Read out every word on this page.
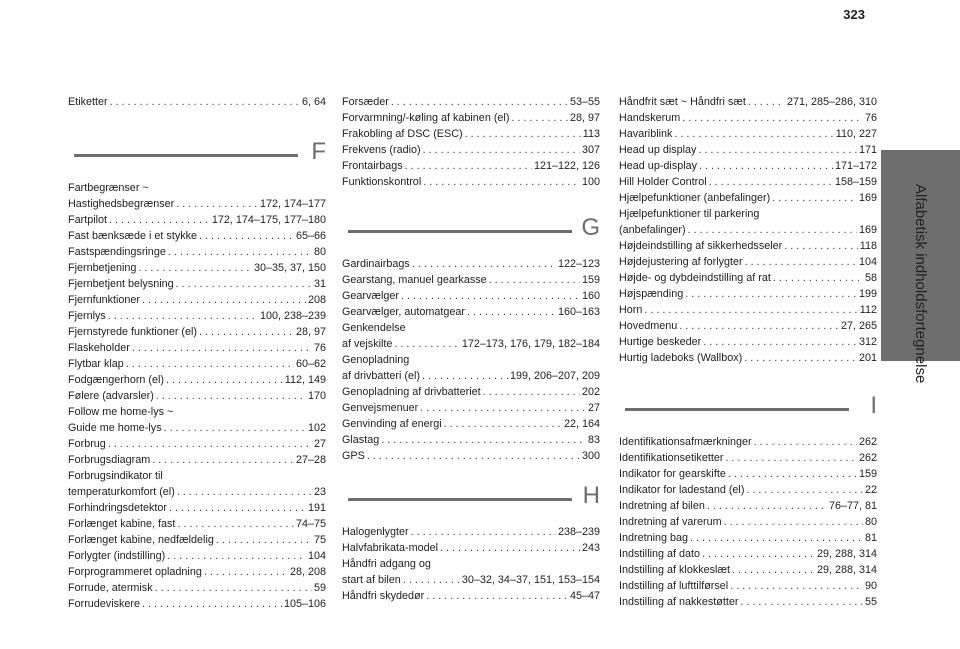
323
Alfabetisk indholdsfortegnelse
Etiketter . . .	6, 64
F
Fartbegrænser ~
Hastighedsbegrænser . . .	172, 174–177
Fartpilot . . .	172, 174–175, 177–180
Fast bænksæde i et stykke . . .	65–66
Fastspændingsringe . . .	80
Fjernbetjening . . .	30–35, 37, 150
Fjernbetjent belysning . . .	31
Fjernfunktioner . . .	208
Fjernlys . . .	100, 238–239
Fjernstyrede funktioner (el) . . .	28, 97
Flaskeholder . . .	76
Flytbar klap . . .	60–62
Fodgængerhorn (el) . . .	112, 149
Følere (advarsler) . . .	170
Follow me home-lys ~
Guide me home-lys . . .	102
Forbrug . . .	27
Forbrugsdiagram . . .	27–28
Forbrugsindikator til
temperaturkomfort (el) . . .	23
Forhindringsdetektor . . .	191
Forlænget kabine, fast . . .	74–75
Forlænget kabine, nedfældelig . . .	75
Forlygter (indstilling) . . .	104
Forprogrammeret opladning . . .	28, 208
Forrude, atermisk . . .	59
Forrudeviskere . . .	105–106
Forsæder . . .	53–55
Forvarmning/-køling af kabinen (el) . . .	28, 97
Frakobling af DSC (ESC) . . .	113
Frekvens (radio) . . .	307
Frontairbags . . .	121–122, 126
Funktionskontrol . . .	100
G
Gardinairbags . . .	122–123
Gearstang, manuel gearkasse . . .	159
Gearvælger . . .	160
Gearvælger, automatgear . . .	160–163
Genkendelse
af vejskilte . . .	172–173, 176, 179, 182–184
Genopladning
af drivbatteri (el) . . .	199, 206–207, 209
Genopladning af drivbatteriet . . .	202
Genvejsmenuer . . .	27
Genvinding af energi . . .	22, 164
Glastag . . .	83
GPS . . .	300
H
Halogenlygter . . .	238–239
Halvfabrikata-model . . .	243
Håndfri adgang og
start af bilen . . .	30–32, 34–37, 151, 153–154
Håndfri skydedør . . .	45–47
Håndfrit sæt ~ Håndfri sæt . . .	271, 285–286, 310
Handskerum . . .	76
Havariblink . . .	110, 227
Head up display . . .	171
Head up-display . . .	171–172
Hill Holder Control . . .	158–159
Hjælpefunktioner (anbefalinger) . . .	169
Hjælpefunktioner til parkering
(anbefalinger) . . .	169
Højdeindstilling af sikkerhedsseler . . .	118
Højdejustering af forlygter . . .	104
Højde- og dybdeindstilling af rat . . .	58
Højspænding . . .	199
Horn . . .	112
Hovedmenu . . .	27, 265
Hurtige beskeder . . .	312
Hurtig ladeboks (Wallbox) . . .	201
I
Identifikationsafmærkninger . . .	262
Identifikationsetiketter . . .	262
Indikator for gearskifte . . .	159
Indikator for ladestand (el) . . .	22
Indretning af bilen . . .	76–77, 81
Indretning af varerum . . .	80
Indretning bag . . .	81
Indstilling af dato . . .	29, 288, 314
Indstilling af klokkeslæt . . .	29, 288, 314
Indstilling af lufttilførsel . . .	90
Indstilling af nakkestøtter . . .	55
